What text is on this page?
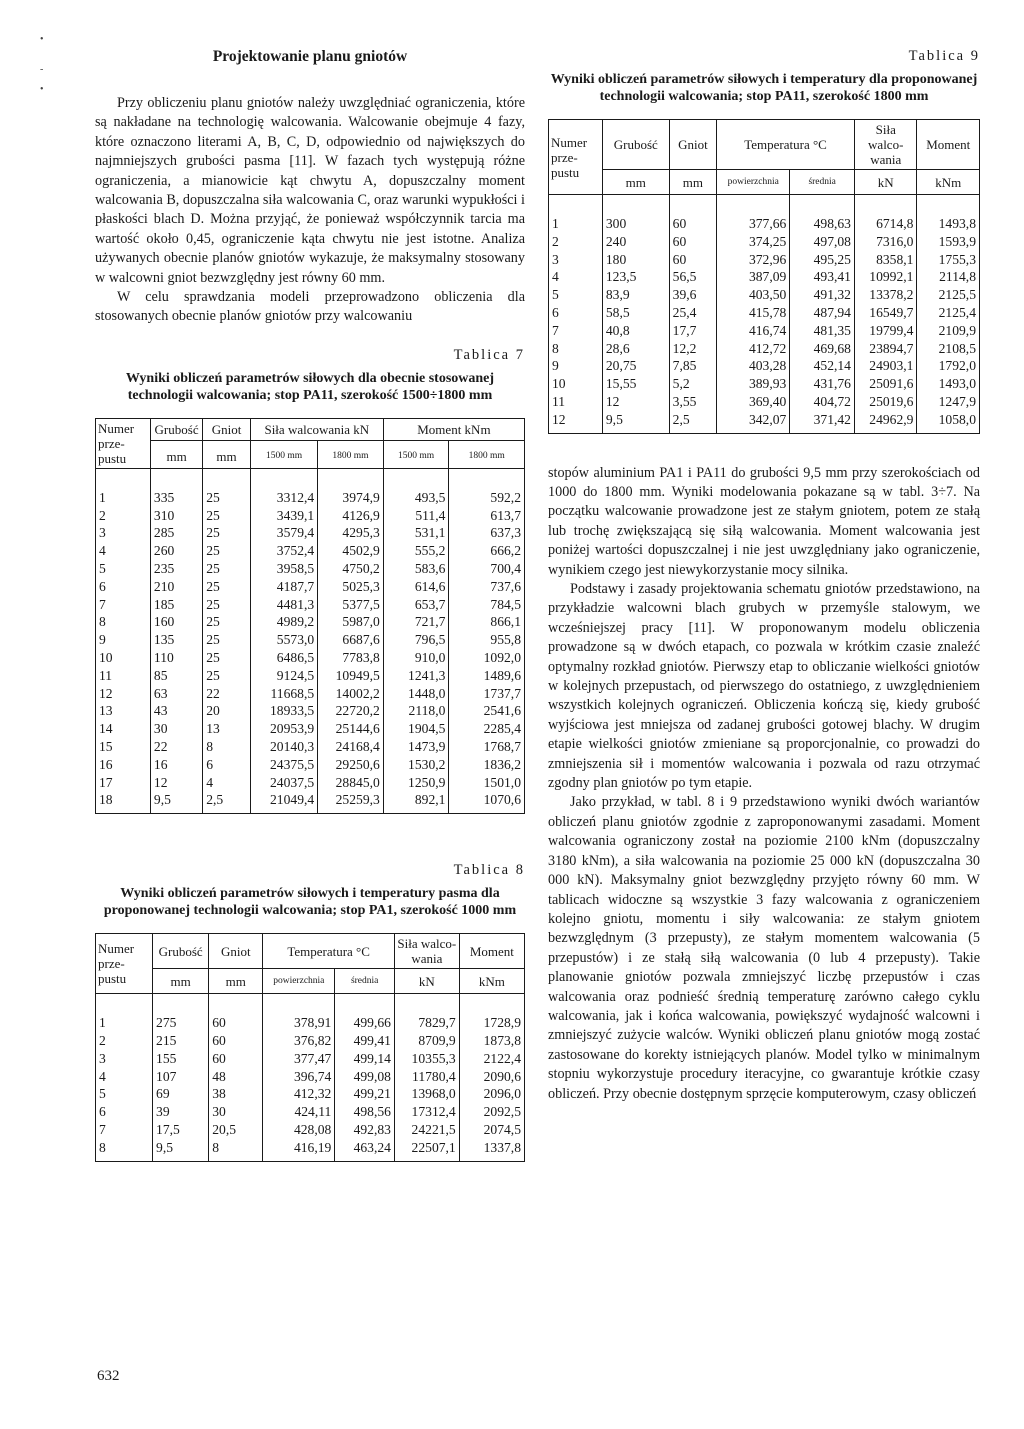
•
-
•
Projektowanie planu gniotów

Przy obliczeniu planu gniotów należy uwzględniać ograniczenia, które są nakładane na technologię walcowania. Walcowanie obejmuje 4 fazy, które oznaczono literami A, B, C, D, odpowiednio od największych do najmniejszych grubości pasma [11]. W fazach tych występują różne ograniczenia, a mianowicie kąt chwytu A, dopuszczalny moment walcowania B, dopuszczalna siła walcowania C, oraz warunki wypukłości i płaskości blach D. Można przyjąć, że ponieważ współczynnik tarcia ma wartość około 0,45, ograniczenie kąta chwytu nie jest istotne. Analiza używanych obecnie planów gniotów wykazuje, że maksymalny stosowany w walcowni gniot bezwzględny jest równy 60 mm.

W celu sprawdzania modeli przeprowadzono obliczenia dla stosowanych obecnie planów gniotów przy walcowaniu

Tablica 7
Wyniki obliczeń parametrów siłowych dla obecnie stosowanej technologii walcowania; stop PA11, szerokość 1500÷1800 mm
Numer prze-pustu	Grubość	Gniot	Siła walcowania kN		Moment kNm	
	mm	mm	1500 mm	1800 mm	1500 mm	1800 mm
1	335	25	3312,4	3974,9	493,5	592,2
2	310	25	3439,1	4126,9	511,4	613,7
3	285	25	3579,4	4295,3	531,1	637,3
4	260	25	3752,4	4502,9	555,2	666,2
5	235	25	3958,5	4750,2	583,6	700,4
6	210	25	4187,7	5025,3	614,6	737,6
7	185	25	4481,3	5377,5	653,7	784,5
8	160	25	4989,2	5987,0	721,7	866,1
9	135	25	5573,0	6687,6	796,5	955,8
10	110	25	6486,5	7783,8	910,0	1092,0
11	85	25	9124,5	10949,5	1241,3	1489,6
12	63	22	11668,5	14002,2	1448,0	1737,7
13	43	20	18933,5	22720,2	2118,0	2541,6
14	30	13	20953,9	25144,6	1904,5	2285,4
15	22	8	20140,3	24168,4	1473,9	1768,7
16	16	6	24375,5	29250,6	1530,2	1836,2
17	12	4	24037,5	28845,0	1250,9	1501,0
18	9,5	2,5	21049,4	25259,3	892,1	1070,6
Tablica 8
Wyniki obliczeń parametrów siłowych i temperatury pasma dla proponowanej technologii walcowania; stop PA1, szerokość 1000 mm
Numer prze-pustu	Grubość	Gniot	Temperatura °C		Siła walco-wania	Moment
	mm	mm	powierzchnia	średnia	kN	kNm
1	275	60	378,91	499,66	7829,7	1728,9
2	215	60	376,82	499,41	8709,9	1873,8
3	155	60	377,47	499,14	10355,3	2122,4
4	107	48	396,74	499,08	11780,4	2090,6
5	69	38	412,32	499,21	13968,0	2096,0
6	39	30	424,11	498,56	17312,4	2092,5
7	17,5	20,5	428,08	492,83	24221,5	2074,5
8	9,5	8	416,19	463,24	22507,1	1337,8
Tablica 9
Wyniki obliczeń parametrów siłowych i temperatury dla proponowanej technologii walcowania; stop PA11, szerokość 1800 mm
Numer prze-pustu	Grubość	Gniot	Temperatura °C		Siła walco-wania	Moment
	mm	mm	powierzchnia	średnia	kN	kNm
1	300	60	377,66	498,63	6714,8	1493,8
2	240	60	374,25	497,08	7316,0	1593,9
3	180	60	372,96	495,25	8358,1	1755,3
4	123,5	56,5	387,09	493,41	10992,1	2114,8
5	83,9	39,6	403,50	491,32	13378,2	2125,5
6	58,5	25,4	415,78	487,94	16549,7	2125,4
7	40,8	17,7	416,74	481,35	19799,4	2109,9
8	28,6	12,2	412,72	469,68	23894,7	2108,5
9	20,75	7,85	403,28	452,14	24903,1	1792,0
10	15,55	5,2	389,93	431,76	25091,6	1493,0
11	12	3,55	369,40	404,72	25019,6	1247,9
12	9,5	2,5	342,07	371,42	24962,9	1058,0

stopów aluminium PA1 i PA11 do grubości 9,5 mm przy szerokościach od 1000 do 1800 mm. Wyniki modelowania pokazane są w tabl. 3÷7. Na początku walcowanie prowadzone jest ze stałym gniotem, potem ze stałą lub trochę zwiększającą się siłą walcowania. Moment walcowania jest poniżej wartości dopuszczalnej i nie jest uwzględniany jako ograniczenie, wynikiem czego jest niewykorzystanie mocy silnika.

Podstawy i zasady projektowania schematu gniotów przedstawiono, na przykładzie walcowni blach grubych w przemyśle stalowym, we wcześniejszej pracy [11]. W proponowanym modelu obliczenia prowadzone są w dwóch etapach, co pozwala w krótkim czasie znaleźć optymalny rozkład gniotów. Pierwszy etap to obliczanie wielkości gniotów w kolejnych przepustach, od pierwszego do ostatniego, z uwzględnieniem wszystkich kolejnych ograniczeń. Obliczenia kończą się, kiedy grubość wyjściowa jest mniejsza od zadanej grubości gotowej blachy. W drugim etapie wielkości gniotów zmieniane są proporcjonalnie, co prowadzi do zmniejszenia sił i momentów walcowania i pozwala od razu otrzymać zgodny plan gniotów po tym etapie.

Jako przykład, w tabl. 8 i 9 przedstawiono wyniki dwóch wariantów obliczeń planu gniotów zgodnie z zaproponowanymi zasadami. Moment walcowania ograniczony został na poziomie 2100 kNm (dopuszczalny 3180 kNm), a siła walcowania na poziomie 25 000 kN (dopuszczalna 30 000 kN). Maksymalny gniot bezwzględny przyjęto równy 60 mm. W tablicach widoczne są wszystkie 3 fazy walcowania z ograniczeniem kolejno gniotu, momentu i siły walcowania: ze stałym gniotem bezwzględnym (3 przepusty), ze stałym momentem walcowania (5 przepustów) i ze stałą siłą walcowania (0 lub 4 przepusty). Takie planowanie gniotów pozwala zmniejszyć liczbę przepustów i czas walcowania oraz podnieść średnią temperaturę zarówno całego cyklu walcowania, jak i końca walcowania, powiększyć wydajność walcowni i zmniejszyć zużycie walców. Wyniki obliczeń planu gniotów mogą zostać zastosowane do korekty istniejących planów. Model tylko w minimalnym stopniu wykorzystuje procedury iteracyjne, co gwarantuje krótkie czasy obliczeń. Przy obecnie dostępnym sprzęcie komputerowym, czasy obliczeń

632
